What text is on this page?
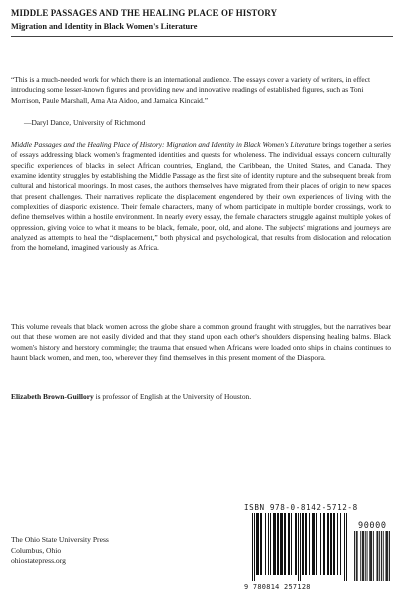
MIDDLE PASSAGES AND THE HEALING PLACE OF HISTORY
Migration and Identity in Black Women's Literature
“This is a much-needed work for which there is an international audience. The essays cover a variety of writers, in effect introducing some lesser-known figures and providing new and innovative readings of established figures, such as Toni Morrison, Paule Marshall, Ama Ata Aidoo, and Jamaica Kincaid.”
—Daryl Dance, University of Richmond
Middle Passages and the Healing Place of History: Migration and Identity in Black Women's Literature brings together a series of essays addressing black women's fragmented identities and quests for wholeness. The individual essays concern culturally specific experiences of blacks in select African countries, England, the Caribbean, the United States, and Canada. They examine identity struggles by establishing the Middle Passage as the first site of identity rupture and the subsequent break from cultural and historical moorings. In most cases, the authors themselves have migrated from their places of origin to new spaces that present challenges. Their narratives replicate the displacement engendered by their own experiences of living with the complexities of diasporic existence. Their female characters, many of whom participate in multiple border crossings, work to define themselves within a hostile environment. In nearly every essay, the female characters struggle against multiple yokes of oppression, giving voice to what it means to be black, female, poor, old, and alone. The subjects' migrations and journeys are analyzed as attempts to heal the “displacement,” both physical and psychological, that results from dislocation and relocation from the homeland, imagined variously as Africa.
This volume reveals that black women across the globe share a common ground fraught with struggles, but the narratives bear out that these women are not easily divided and that they stand upon each other's shoulders dispensing healing balms. Black women's history and herstory commingle; the trauma that ensued when Africans were loaded onto ships in chains continues to haunt black women, and men, too, wherever they find themselves in this present moment of the Diaspora.
Elizabeth Brown-Guillory is professor of English at the University of Houston.
The Ohio State University Press
Columbus, Ohio
ohiostatepress.org
ISBN 978-0-8142-5712-8
90000
9 780814 257128
